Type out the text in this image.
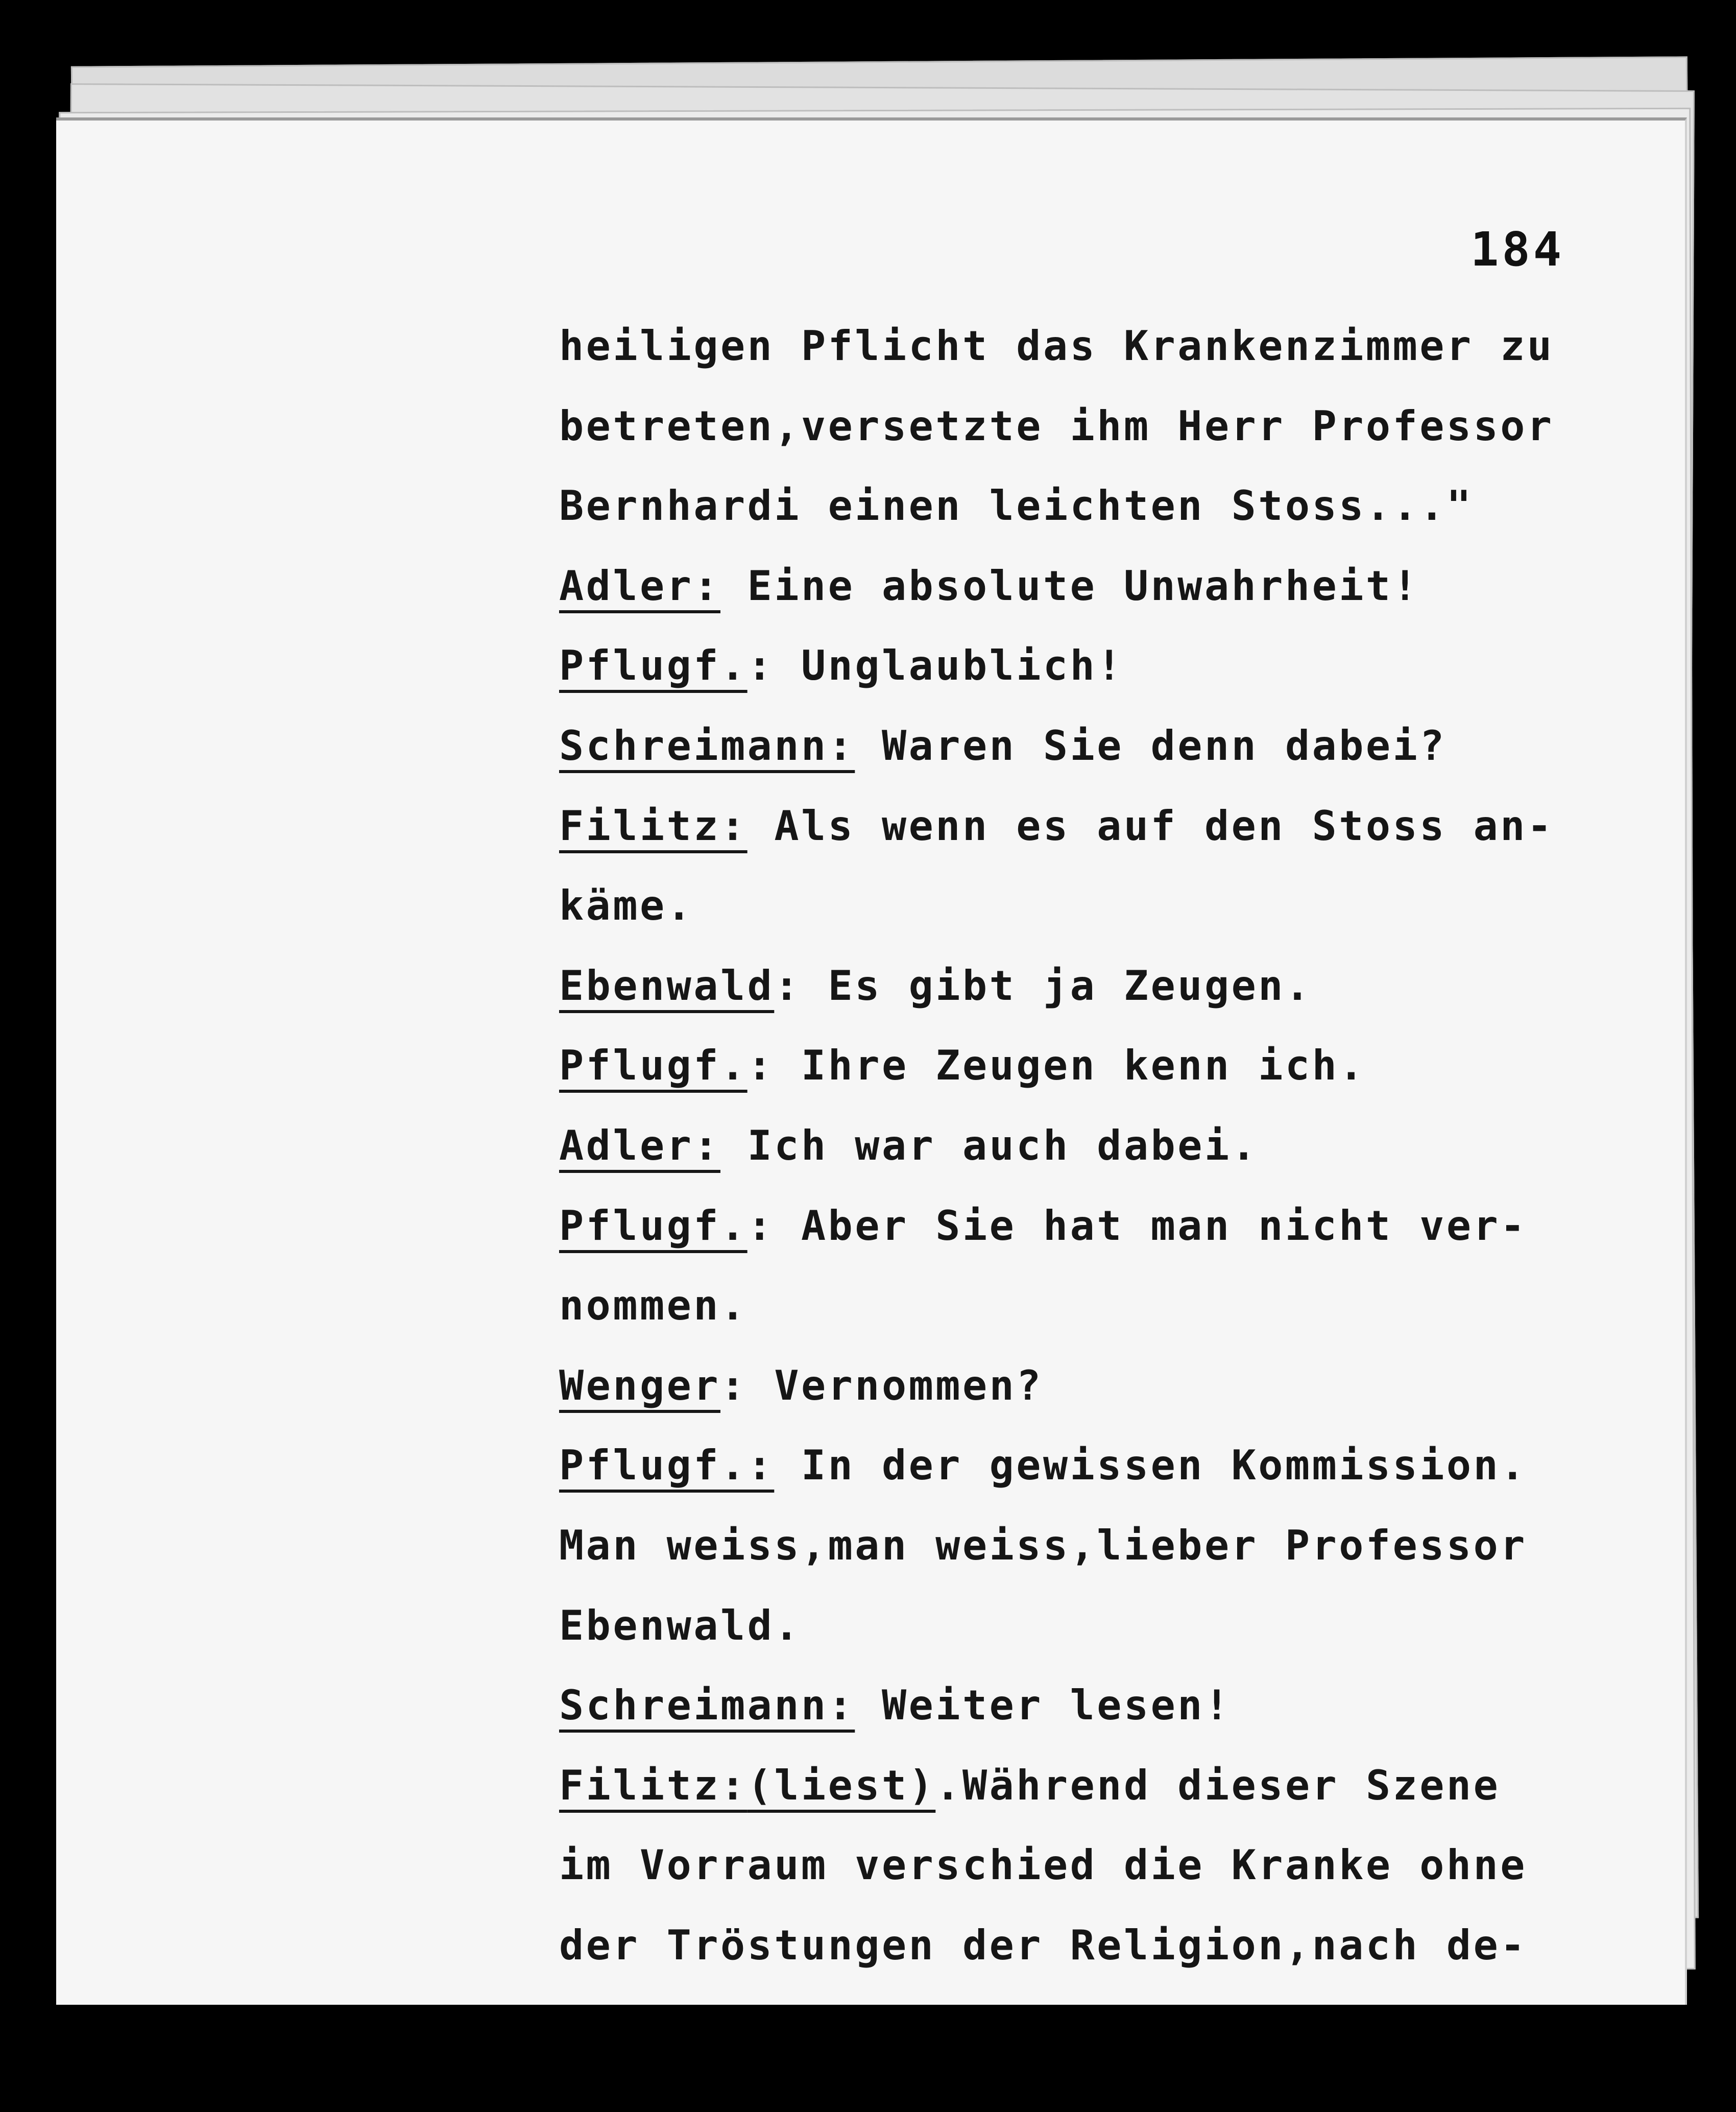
184
heiligen Pflicht das Krankenzimmer zu
betreten,versetzte ihm Herr Professor
Bernhardi einen leichten Stoss..."
Adler: Eine absolute Unwahrheit!
Pflugf.: Unglaublich!
Schreimann: Waren Sie denn dabei?
Filitz: Als wenn es auf den Stoss an-
käme.
Ebenwald: Es gibt ja Zeugen.
Pflugf.: Ihre Zeugen kenn ich.
Adler: Ich war auch dabei.
Pflugf.: Aber Sie hat man nicht ver-
nommen.
Wenger: Vernommen?
Pflugf.: In der gewissen Kommission.
Man weiss,man weiss,lieber Professor
Ebenwald.
Schreimann: Weiter lesen!
Filitz:(liest).Während dieser Szene
im Vorraum verschied die Kranke ohne
der Tröstungen der Religion,nach de-
